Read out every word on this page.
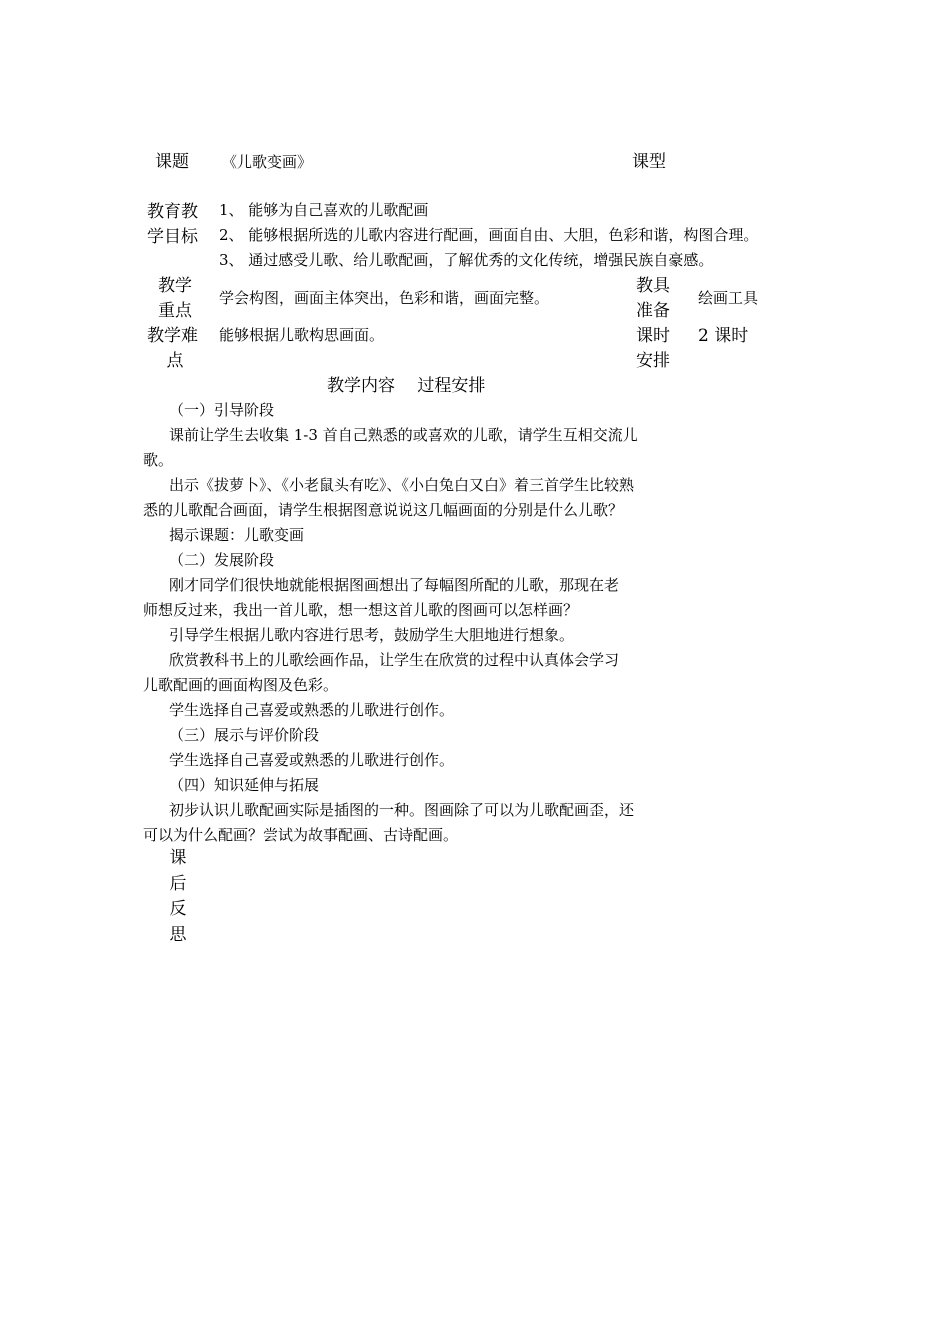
课题 《儿歌变画》	课型
教育教
学目标
1、 能够为自己喜欢的儿歌配画
2、 能够根据所选的儿歌内容进行配画，画面自由、大胆，色彩和谐，构图合理。
3、 通过感受儿歌、给儿歌配画，了解优秀的文化传统，增强民族自豪感。
教学
重点
学会构图，画面主体突出，色彩和谐，画面完整。
教具
准备
绘画工具
教学难
点
能够根据儿歌构思画面。	课时
安排
2 课时
教学内容　 过程安排
（一）引导阶段
课前让学生去收集 1-3 首自己熟悉的或喜欢的儿歌，请学生互相交流儿
歌。
出示《拔萝卜》、《小老鼠头有吃》、《小白兔白又白》着三首学生比较熟
悉的儿歌配合画面，请学生根据图意说说这几幅画面的分别是什么儿歌？
揭示课题：儿歌变画
（二）发展阶段
刚才同学们很快地就能根据图画想出了每幅图所配的儿歌，那现在老
师想反过来，我出一首儿歌，想一想这首儿歌的图画可以怎样画？
引导学生根据儿歌内容进行思考，鼓励学生大胆地进行想象。
欣赏教科书上的儿歌绘画作品，让学生在欣赏的过程中认真体会学习
儿歌配画的画面构图及色彩。
学生选择自己喜爱或熟悉的儿歌进行创作。
（三）展示与评价阶段
学生选择自己喜爱或熟悉的儿歌进行创作。
（四）知识延伸与拓展
初步认识儿歌配画实际是插图的一种。图画除了可以为儿歌配画歪，还
可以为什么配画？尝试为故事配画、古诗配画。
课
后
反
思
